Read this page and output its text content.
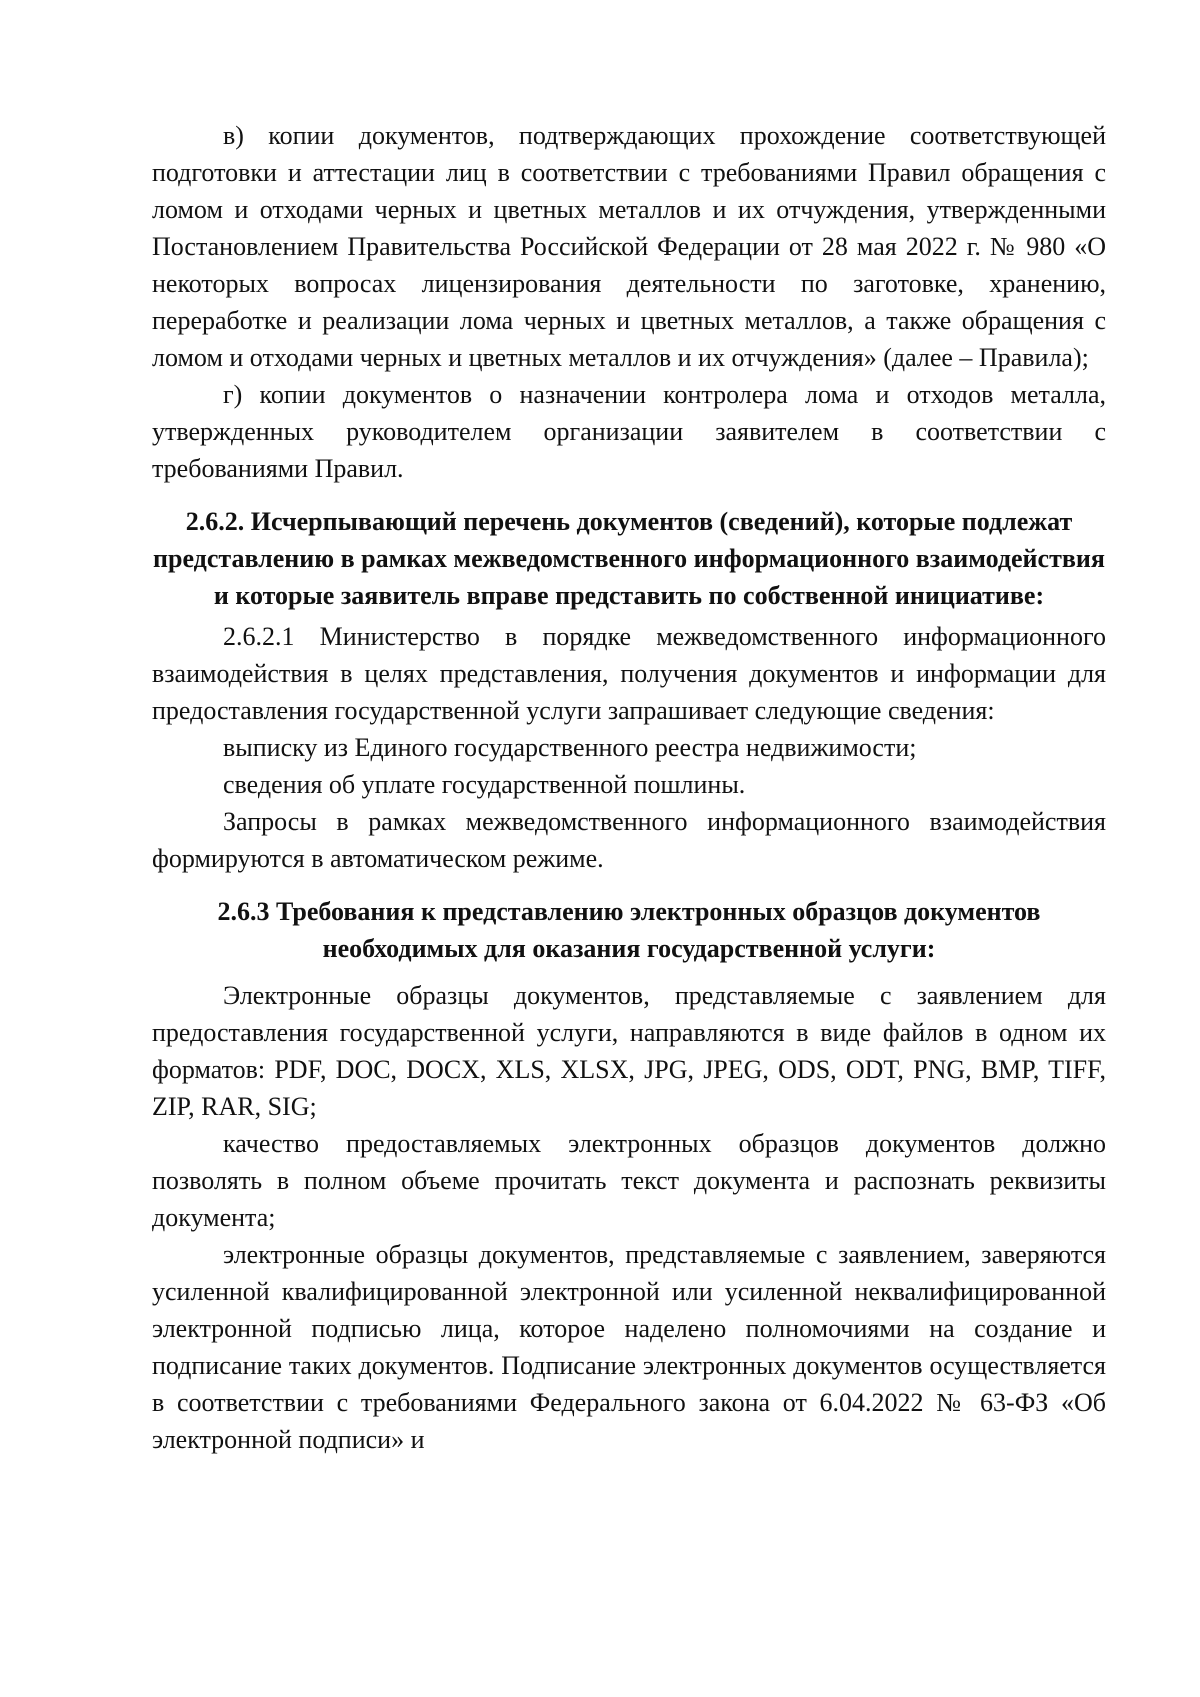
в) копии документов, подтверждающих прохождение соответствующей подготовки и аттестации лиц в соответствии с требованиями Правил обращения с ломом и отходами черных и цветных металлов и их отчуждения, утвержденными Постановлением Правительства Российской Федерации от 28 мая 2022 г. № 980 «О некоторых вопросах лицензирования деятельности по заготовке, хранению, переработке и реализации лома черных и цветных металлов, а также обращения с ломом и отходами черных и цветных металлов и их отчуждения» (далее – Правила);

г) копии документов о назначении контролера лома и отходов металла, утвержденных руководителем организации заявителем в соответствии с требованиями Правил.

2.6.2. Исчерпывающий перечень документов (сведений), которые подлежат представлению в рамках межведомственного информационного взаимодействия и которые заявитель вправе представить по собственной инициативе:

2.6.2.1 Министерство в порядке межведомственного информационного взаимодействия в целях представления, получения документов и информации для предоставления государственной услуги запрашивает следующие сведения:

выписку из Единого государственного реестра недвижимости;

сведения об уплате государственной пошлины.

Запросы в рамках межведомственного информационного взаимодействия формируются в автоматическом режиме.

2.6.3 Требования к представлению электронных образцов документов необходимых для оказания государственной услуги:

Электронные образцы документов, представляемые с заявлением для предоставления государственной услуги, направляются в виде файлов в одном их форматов: PDF, DOC, DOCX, XLS, XLSX, JPG, JPEG, ODS, ODT, PNG, BMP, TIFF, ZIP, RAR, SIG;

качество предоставляемых электронных образцов документов должно позволять в полном объеме прочитать текст документа и распознать реквизиты документа;

электронные образцы документов, представляемые с заявлением, заверяются усиленной квалифицированной электронной или усиленной неквалифицированной электронной подписью лица, которое наделено полномочиями на создание и подписание таких документов. Подписание электронных документов осуществляется в соответствии с требованиями Федерального закона от 6.04.2022 № 63-ФЗ «Об электронной подписи» и
